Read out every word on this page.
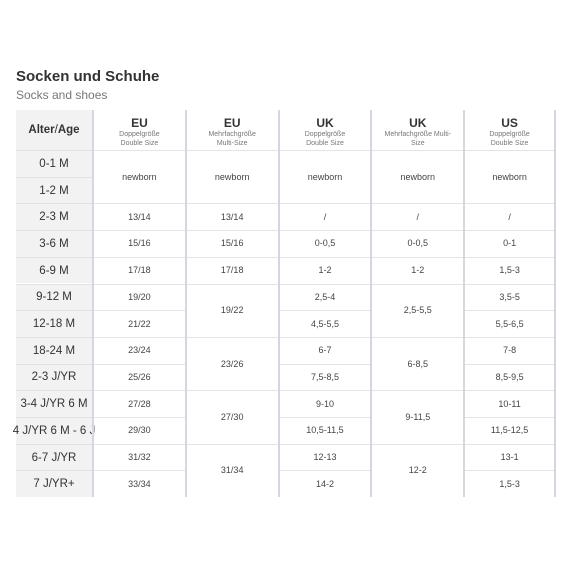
Socken und Schuhe
Socks and shoes
Alter / Age
0-1 M
1-2 M
2-3 M
3-6 M
6-9 M
9-12 M
12-18 M
18-24 M
2-3 J/YR
3-4 J/YR 6 M
4 J/YR 6 M - 6 J
6-7 J/YR
7 J/YR+
EU
Doppelgröße
Double Size
newborn
13/14
15/16
17/18
19/20
21/22
23/24
25/26
27/28
29/30
31/32
33/34
EU
Mehrfachgröße
Multi-Size
newborn
13/14
15/16
17/18
19/22
23/26
27/30
31/34
UK
Doppelgröße
Double Size
newborn
/
0-0,5
1-2
2,5-4
4,5-5,5
6-7
7,5-8,5
9-10
10,5-11,5
12-13
14-2
UK
Mehrfachgröße Multi-
Size
newborn
/
0-0,5
1-2
2,5-5,5
6-8,5
9-11,5
12-2
US
Doppelgröße
Double Size
newborn
/
0-1
1,5-3
3,5-5
5,5-6,5
7-8
8,5-9,5
10-11
11,5-12,5
13-1
1,5-3
